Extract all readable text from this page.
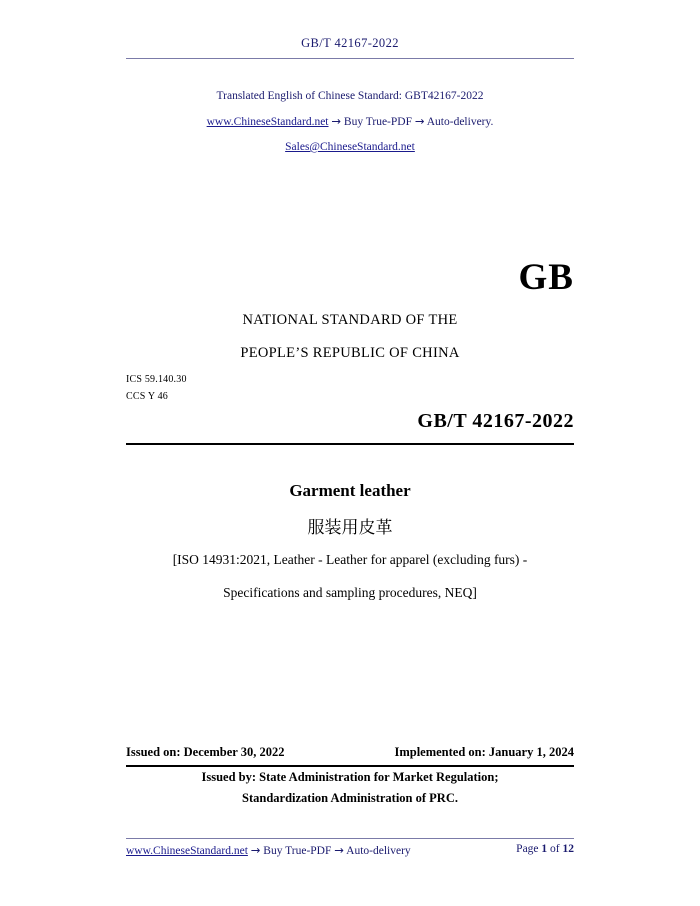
GB/T 42167-2022
Translated English of Chinese Standard: GBT42167-2022
www.ChineseStandard.net → Buy True-PDF → Auto-delivery.
Sales@ChineseStandard.net
GB
NATIONAL STANDARD OF THE
PEOPLE’S REPUBLIC OF CHINA
ICS 59.140.30
CCS Y 46
GB/T 42167-2022
Garment leather
服装用皮革
[ISO 14931:2021, Leather - Leather for apparel (excluding furs) -
Specifications and sampling procedures, NEQ]
Issued on: December 30, 2022	Implemented on: January 1, 2024
Issued by: State Administration for Market Regulation;
Standardization Administration of PRC.
www.ChineseStandard.net → Buy True-PDF → Auto-delivery	Page 1 of 12
